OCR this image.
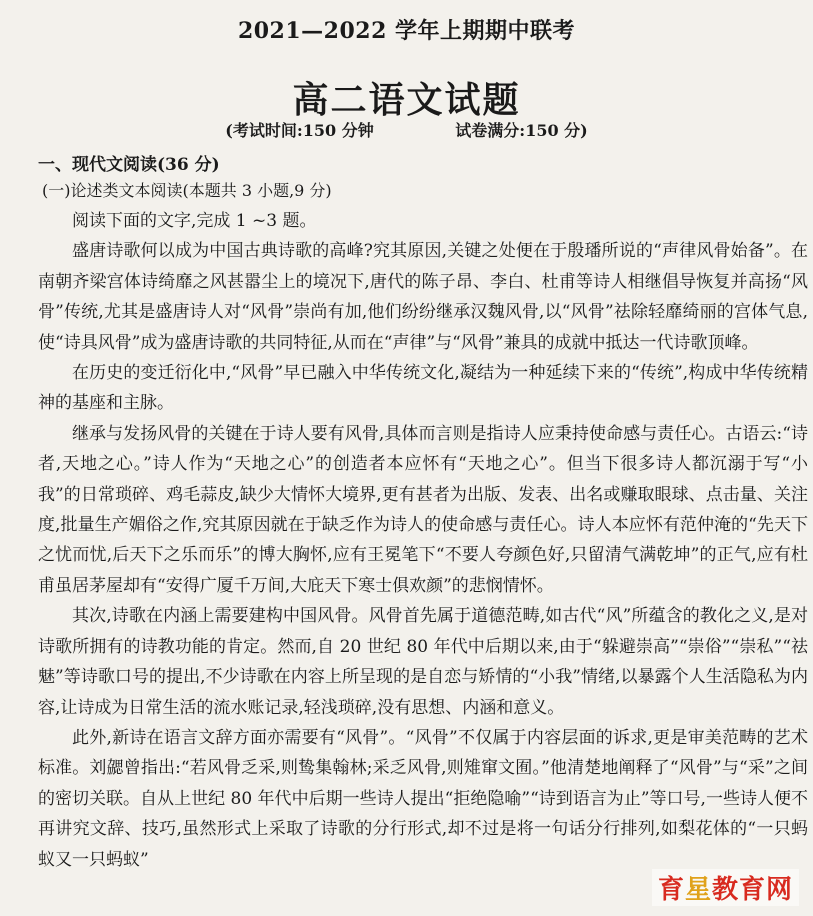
2021—2022 学年上期期中联考
高二语文试题
(考试时间:150 分钟	试卷满分:150 分)
一、现代文阅读(36 分)
(一)论述类文本阅读(本题共 3 小题,9 分)

阅读下面的文字,完成 1 ~3 题。

盛唐诗歌何以成为中国古典诗歌的高峰?究其原因,关键之处便在于殷璠所说的“声律风骨始备”。在南朝齐梁宫体诗绮靡之风甚嚣尘上的境况下,唐代的陈子昂、李白、杜甫等诗人相继倡导恢复并高扬“风骨”传统,尤其是盛唐诗人对“风骨”崇尚有加,他们纷纷继承汉魏风骨,以“风骨”祛除轻靡绮丽的宫体气息,使“诗具风骨”成为盛唐诗歌的共同特征,从而在“声律”与“风骨”兼具的成就中抵达一代诗歌顶峰。

在历史的变迁衍化中,“风骨”早已融入中华传统文化,凝结为一种延续下来的“传统”,构成中华传统精神的基座和主脉。

继承与发扬风骨的关键在于诗人要有风骨,具体而言则是指诗人应秉持使命感与责任心。古语云:“诗者,天地之心。”诗人作为“天地之心”的创造者本应怀有“天地之心”。但当下很多诗人都沉溺于写“小我”的日常琐碎、鸡毛蒜皮,缺少大情怀大境界,更有甚者为出版、发表、出名或赚取眼球、点击量、关注度,批量生产媚俗之作,究其原因就在于缺乏作为诗人的使命感与责任心。诗人本应怀有范仲淹的“先天下之忧而忧,后天下之乐而乐”的博大胸怀,应有王冕笔下“不要人夸颜色好,只留清气满乾坤”的正气,应有杜甫虽居茅屋却有“安得广厦千万间,大庇天下寒士俱欢颜”的悲悯情怀。

其次,诗歌在内涵上需要建构中国风骨。风骨首先属于道德范畴,如古代“风”所蕴含的教化之义,是对诗歌所拥有的诗教功能的肯定。然而,自 20 世纪 80 年代中后期以来,由于“躲避崇高”“崇俗”“崇私”“祛魅”等诗歌口号的提出,不少诗歌在内容上所呈现的是自恋与矫情的“小我”情绪,以暴露个人生活隐私为内容,让诗成为日常生活的流水账记录,轻浅琐碎,没有思想、内涵和意义。

此外,新诗在语言文辞方面亦需要有“风骨”。“风骨”不仅属于内容层面的诉求,更是审美范畴的艺术标准。刘勰曾指出:“若风骨乏采,则鸷集翰林;采乏风骨,则雉窜文囿。”他清楚地阐释了“风骨”与“采”之间的密切关联。自从上世纪 80 年代中后期一些诗人提出“拒绝隐喻”“诗到语言为止”等口号,一些诗人便不再讲究文辞、技巧,虽然形式上采取了诗歌的分行形式,却不过是将一句话分行排列,如梨花体的“一只蚂蚁又一只蚂蚁”

育星教育网
